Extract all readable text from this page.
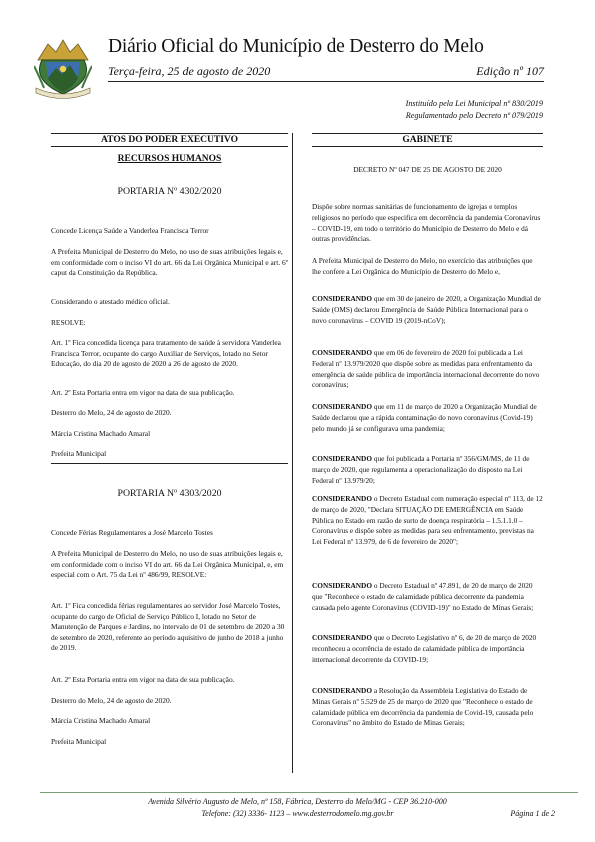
Diário Oficial do Município de Desterro do Melo
Terça-feira, 25 de agosto de 2020	Edição nº 107
Instituído pela Lei Municipal nº 830/2019
Regulamentado pelo Decreto nº 079/2019
ATOS DO PODER EXECUTIVO	GABINETE
RECURSOS HUMANOS
PORTARIA Nº 4302/2020

Concede Licença Saúde a Vanderlea Francisca Terror

A Prefeita Municipal de Desterro do Melo, no uso de suas atribuições legais e, em conformidade com o inciso VI do art. 66 da Lei Orgânica Municipal e art. 6º caput da Constituição da República.

Considerando o atestado médico oficial.

RESOLVE:

Art. 1º Fica concedida licença para tratamento de saúde à servidora Vanderlea Francisca Terror, ocupante do cargo Auxiliar de Serviços, lotado no Setor Educação, do dia 20 de agosto de 2020 a 26 de agosto de 2020.

Art. 2º Esta Portaria entra em vigor na data de sua publicação.

Desterro do Melo, 24 de agosto de 2020.

Márcia Cristina Machado Amaral

Prefeita Municipal

PORTARIA Nº 4303/2020

Concede Férias Regulamentares a José Marcelo Tostes

A Prefeita Municipal de Desterro do Melo, no uso de suas atribuições legais e, em conformidade com o inciso VI do art. 66 da Lei Orgânica Municipal, e, em especial com o Art. 75 da Lei nº 486/99, RESOLVE:

Art. 1º Fica concedida férias regulamentares ao servidor José Marcelo Tostes, ocupante do cargo de Oficial de Serviço Público I, lotado no Setor de Manutenção de Parques e Jardins, no intervalo de 01 de setembro de 2020 a 30 de setembro de 2020, referente ao período aquisitivo de junho de 2018 a junho de 2019.

Art. 2º Esta Portaria entra em vigor na data de sua publicação.

Desterro do Melo, 24 de agosto de 2020.

Márcia Cristina Machado Amaral

Prefeita Municipal

DECRETO Nº 047 DE 25 DE AGOSTO DE 2020

Dispõe sobre normas sanitárias de funcionamento de igrejas e templos religiosos no período que especifica em decorrência da pandemia Coronavírus – COVID-19, em todo o território do Município de Desterro do Melo e dá outras providências.

A Prefeita Municipal de Desterro do Melo, no exercício das atribuições que lhe confere a Lei Orgânica do Município de Desterro do Melo e,

CONSIDERANDO que em 30 de janeiro de 2020, a Organização Mundial de Saúde (OMS) declarou Emergência de Saúde Pública Internacional para o novo coronavírus – COVID 19 (2019-nCoV);

CONSIDERANDO que em 06 de fevereiro de 2020 foi publicada a Lei Federal nº 13.979/2020 que dispõe sobre as medidas para enfrentamento da emergência de saúde pública de importância internacional decorrente do novo coronavírus;

CONSIDERANDO que em 11 de março de 2020 a Organização Mundial de Saúde declarou que a rápida contaminação do novo coronavírus (Covid-19) pelo mundo já se configurava uma pandemia;

CONSIDERANDO que foi publicada a Portaria nº 356/GM/MS, de 11 de março de 2020, que regulamenta a operacionalização do disposto na Lei Federal nº 13.979/20;

CONSIDERANDO o Decreto Estadual com numeração especial nº 113, de 12 de março de 2020, "Declara SITUAÇÃO DE EMERGÊNCIA em Saúde Pública no Estado em razão de surto de doença respiratória – 1.5.1.1.0 – Coronavírus e dispõe sobre as medidas para seu enfrentamento, previstas na Lei Federal nº 13.979, de 6 de fevereiro de 2020";

CONSIDERANDO o Decreto Estadual nº 47.891, de 20 de março de 2020 que "Reconhece o estado de calamidade pública decorrente da pandemia causada pelo agente Coronavírus (COVID-19)" no Estado de Minas Gerais;

CONSIDERANDO que o Decreto Legislativo nº 6, de 20 de março de 2020 reconheceu a ocorrência de estado de calamidade pública de importância internacional decorrente da COVID-19;

CONSIDERANDO a Resolução da Assembleia Legislativa do Estado de Minas Gerais nº 5.529 de 25 de março de 2020 que "Reconhece o estado de calamidade pública em decorrência da pandemia de Covid-19, causada pelo Coronavírus" no âmbito do Estado de Minas Gerais;

Avenida Silvério Augusto de Melo, nº 158, Fábrica, Desterro do Melo/MG - CEP 36.210-000
Telefone: (32) 3336- 1123 – www.desterrodomelo.mg.gov.br	Página 1 de 2
